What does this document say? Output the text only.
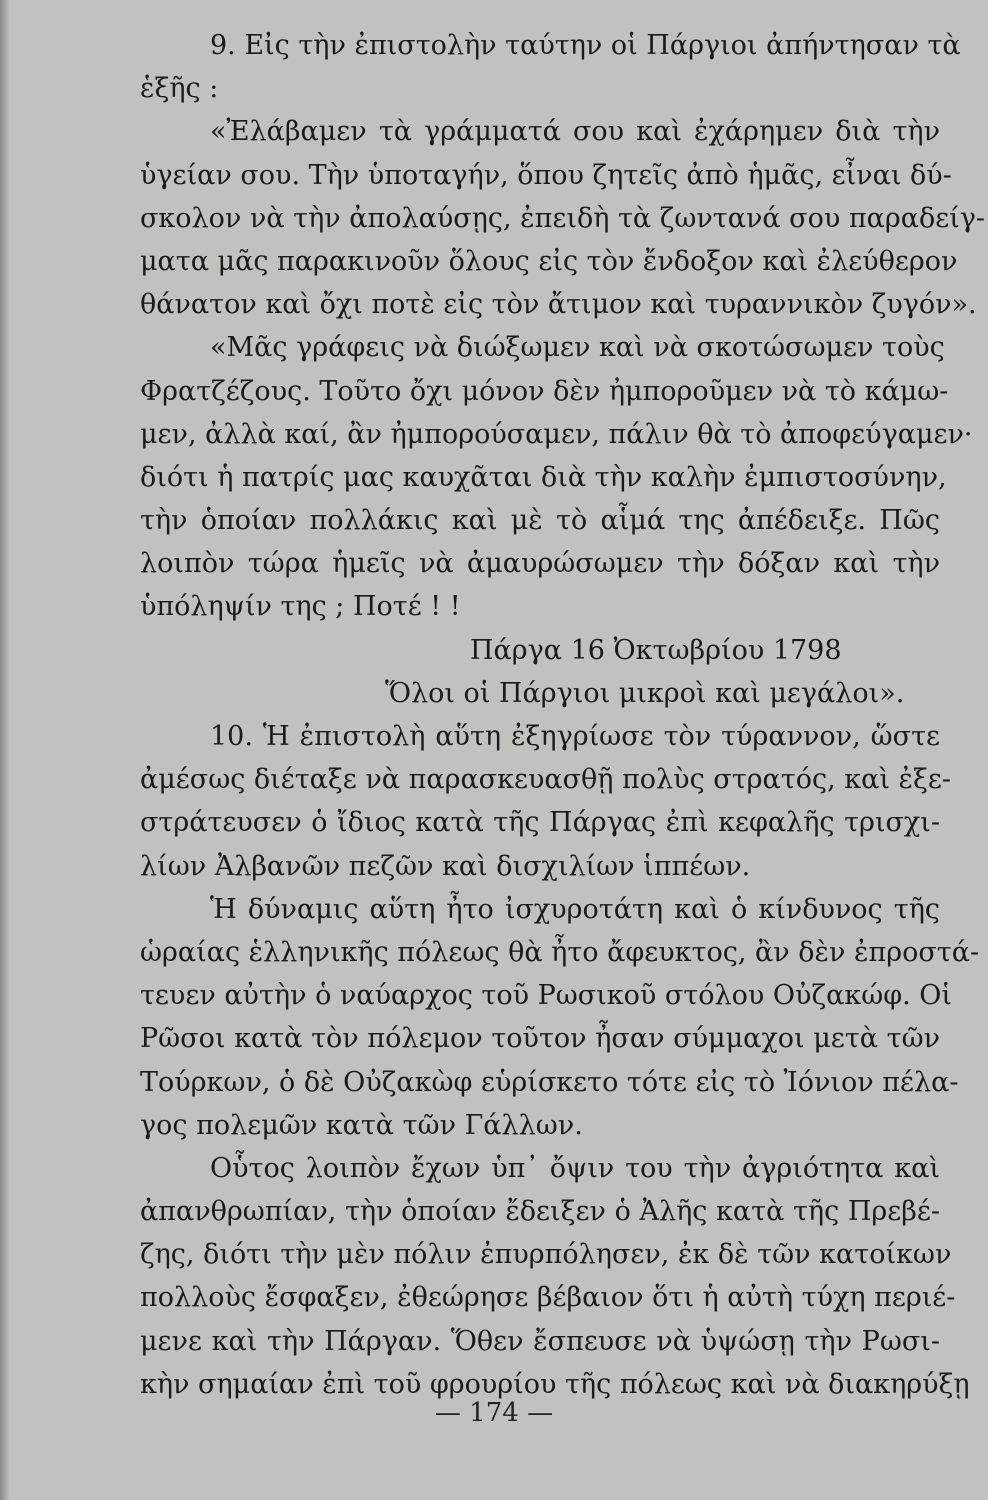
9. Εἰς τὴν ἐπιστολὴν ταύτην οἱ Πάργιοι ἀπήντησαν τὰ
ἑξῆς :
«Ἐλάβαμεν τὰ γράμματά σου καὶ ἐχάρημεν διὰ τὴν
ὑγείαν σου. Τὴν ὑποταγήν, ὅπου ζητεῖς ἀπὸ ἡμᾶς, εἶναι δύ-
σκολον νὰ τὴν ἀπολαύσῃς, ἐπειδὴ τὰ ζωντανά σου παραδείγ-
ματα μᾶς παρακινοῦν ὅλους εἰς τὸν ἔνδοξον καὶ ἐλεύθερον
θάνατον καὶ ὄχι ποτὲ εἰς τὸν ἄτιμον καὶ τυραννικὸν ζυγόν».
«Μᾶς γράφεις νὰ διώξωμεν καὶ νὰ σκοτώσωμεν τοὺς
Φρατζέζους. Τοῦτο ὄχι μόνον δὲν ἠμποροῦμεν νὰ τὸ κάμω-
μεν, ἀλλὰ καί, ἂν ἠμπορούσαμεν, πάλιν θὰ τὸ ἀποφεύγαμεν·
διότι ἡ πατρίς μας καυχᾶται διὰ τὴν καλὴν ἐμπιστοσύνην,
τὴν ὁποίαν πολλάκις καὶ μὲ τὸ αἷμά της ἀπέδειξε. Πῶς
λοιπὸν τώρα ἡμεῖς νὰ ἀμαυρώσωμεν τὴν δόξαν καὶ τὴν
ὑπόληψίν της ; Ποτέ ! !
Πάργα 16 Ὀκτωβρίου 1798
Ὅλοι οἱ Πάργιοι μικροὶ καὶ μεγάλοι».
10. Ἡ ἐπιστολὴ αὕτη ἐξηγρίωσε τὸν τύραννον, ὥστε
ἀμέσως διέταξε νὰ παρασκευασθῇ πολὺς στρατός, καὶ ἐξε-
στράτευσεν ὁ ἴδιος κατὰ τῆς Πάργας ἐπὶ κεφαλῆς τρισχι-
λίων Ἀλβανῶν πεζῶν καὶ δισχιλίων ἱππέων.
Ἡ δύναμις αὕτη ἦτο ἰσχυροτάτη καὶ ὁ κίνδυνος τῆς
ὡραίας ἑλληνικῆς πόλεως θὰ ἦτο ἄφευκτος, ἂν δὲν ἐπροστά-
τευεν αὐτὴν ὁ ναύαρχος τοῦ Ρωσικοῦ στόλου Οὐζακώφ. Οἱ
Ρῶσοι κατὰ τὸν πόλεμον τοῦτον ἦσαν σύμμαχοι μετὰ τῶν
Τούρκων, ὁ δὲ Οὐζακὼφ εὑρίσκετο τότε εἰς τὸ Ἰόνιον πέλα-
γος πολεμῶν κατὰ τῶν Γάλλων.
Οὗτος λοιπὸν ἔχων ὑπ᾿ ὄψιν του τὴν ἀγριότητα καὶ
ἀπανθρωπίαν, τὴν ὁποίαν ἔδειξεν ὁ Ἀλῆς κατὰ τῆς Πρεβέ-
ζης, διότι τὴν μὲν πόλιν ἐπυρπόλησεν, ἐκ δὲ τῶν κατοίκων
πολλοὺς ἔσφαξεν, ἐθεώρησε βέβαιον ὅτι ἡ αὐτὴ τύχη περιέ-
μενε καὶ τὴν Πάργαν. Ὅθεν ἔσπευσε νὰ ὑψώσῃ τὴν Ρωσι-
κὴν σημαίαν ἐπὶ τοῦ φρουρίου τῆς πόλεως καὶ νὰ διακηρύξῃ
— 174 —
